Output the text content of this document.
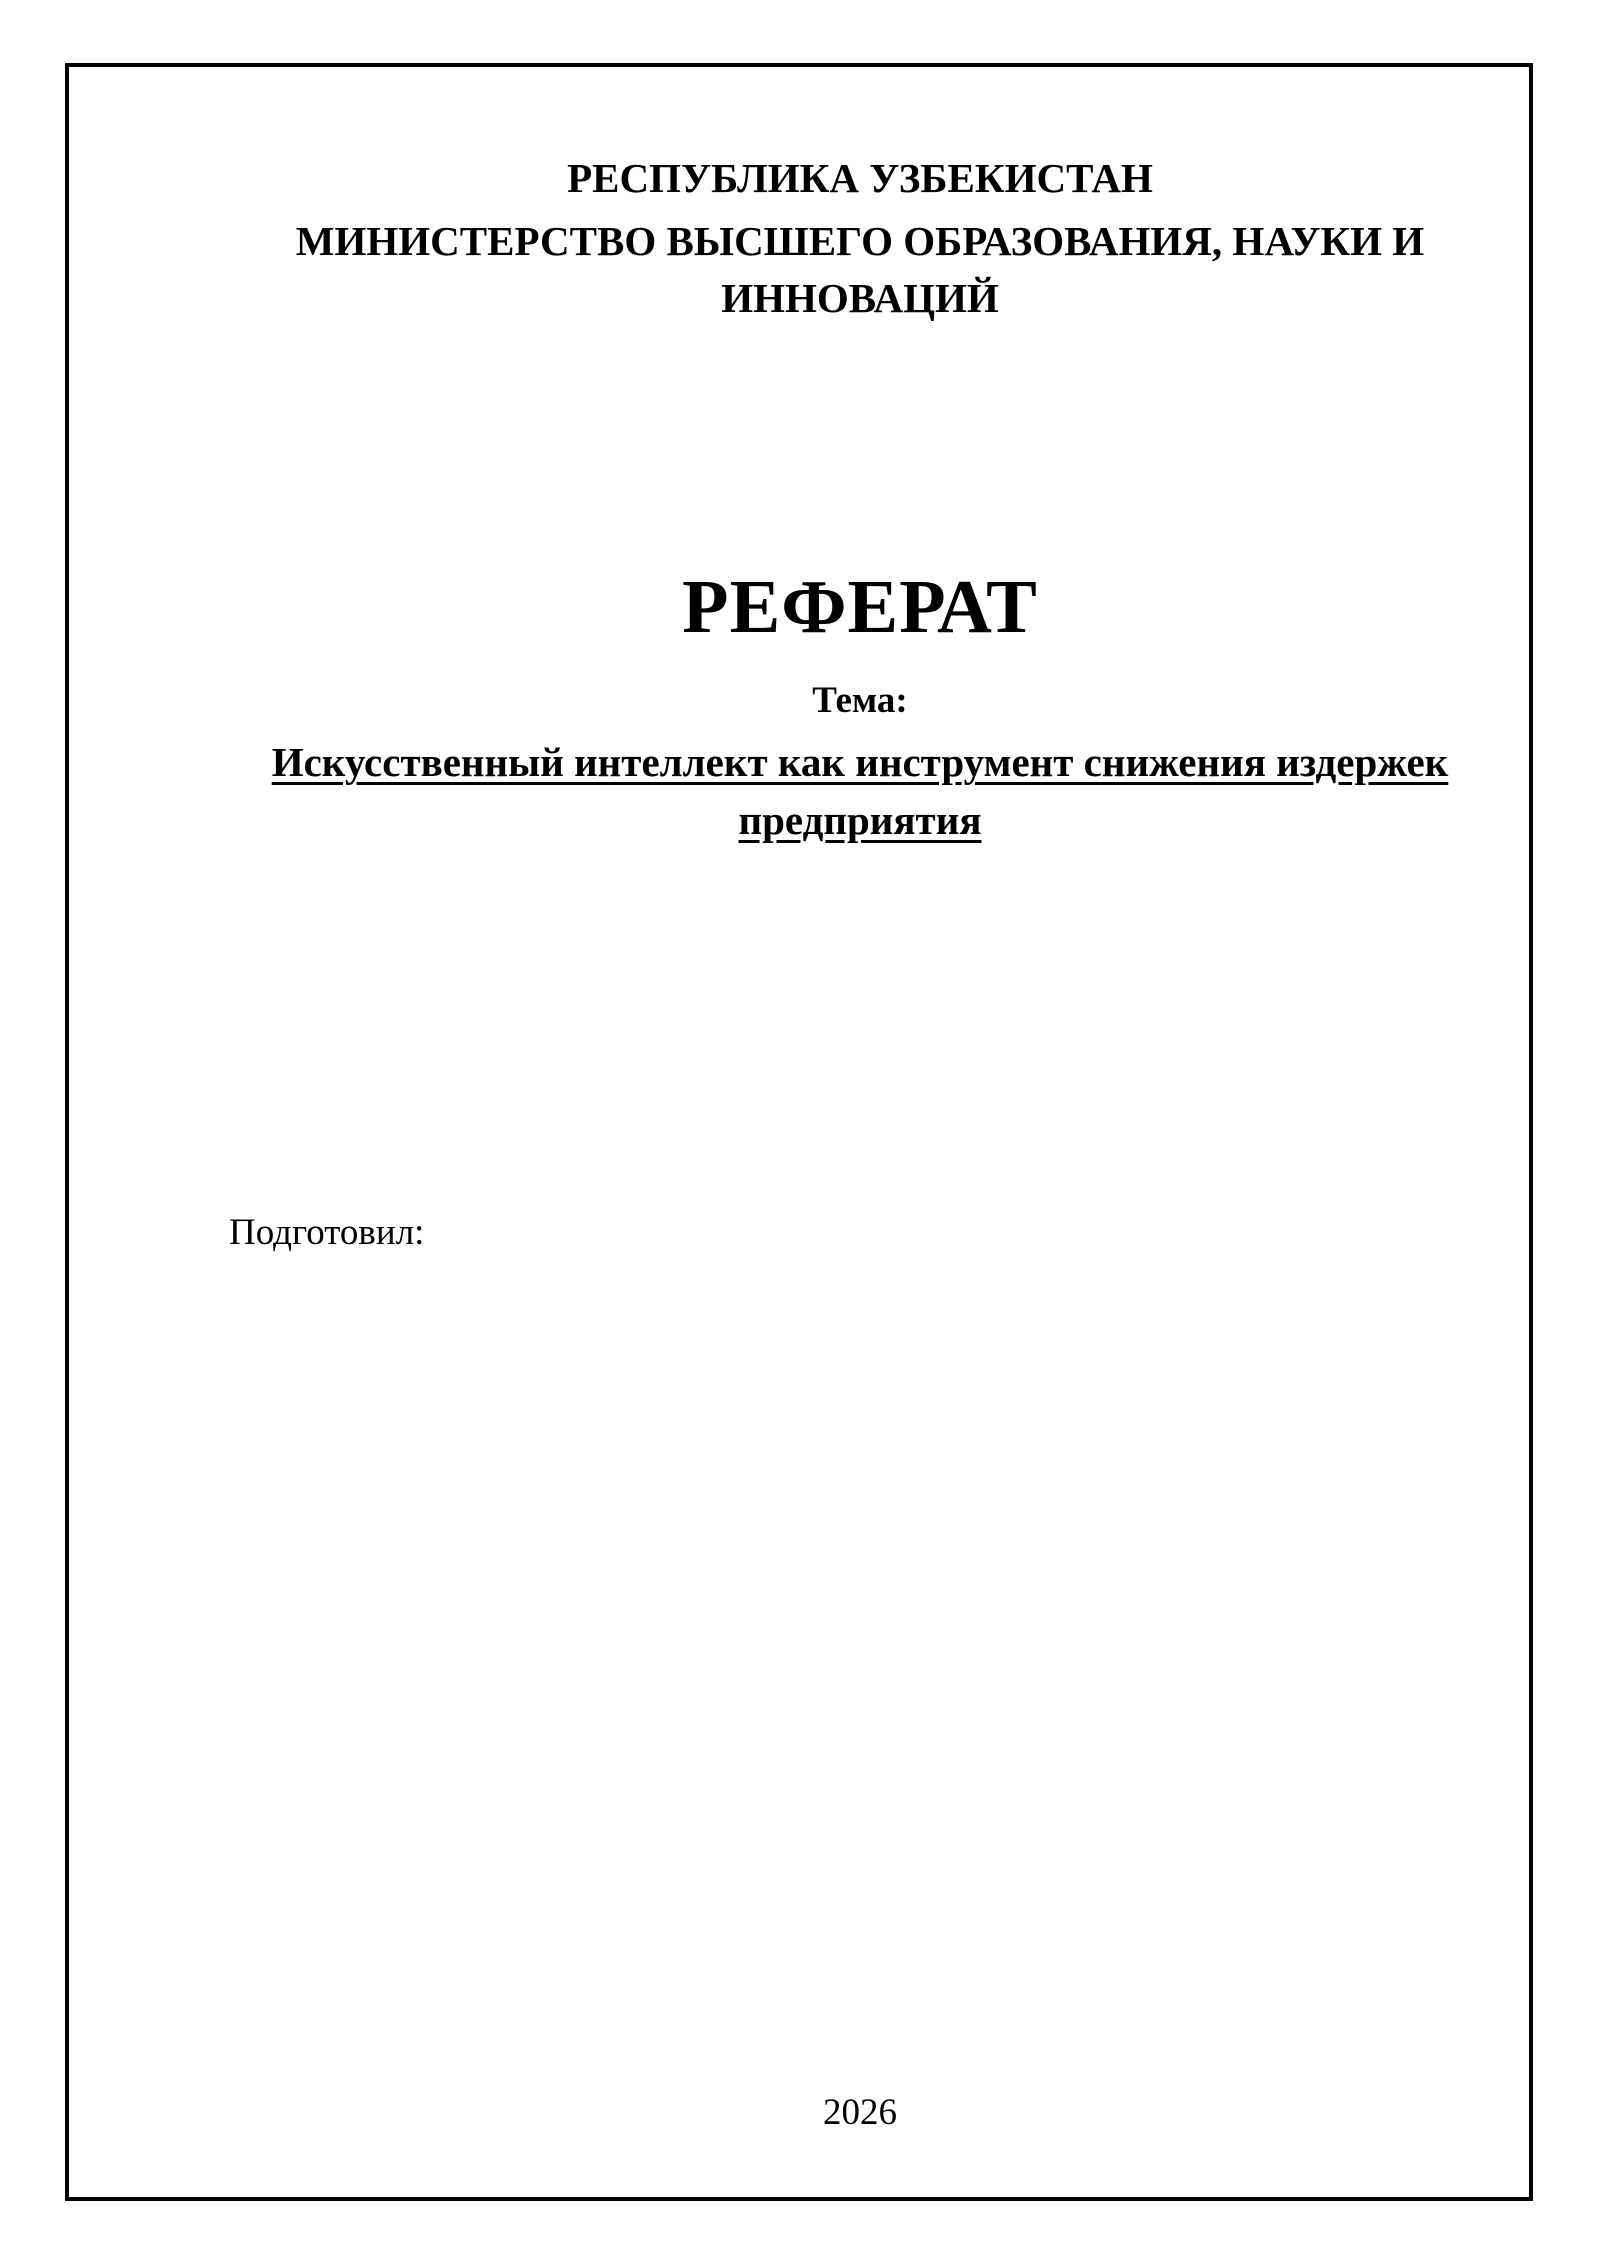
РЕСПУБЛИКА УЗБЕКИСТАН
МИНИСТЕРСТВО ВЫСШЕГО ОБРАЗОВАНИЯ, НАУКИ И
ИННОВАЦИЙ
РЕФЕРАТ
Тема:
Искусственный интеллект как инструмент снижения издержек
предприятия
Подготовил:
2026
